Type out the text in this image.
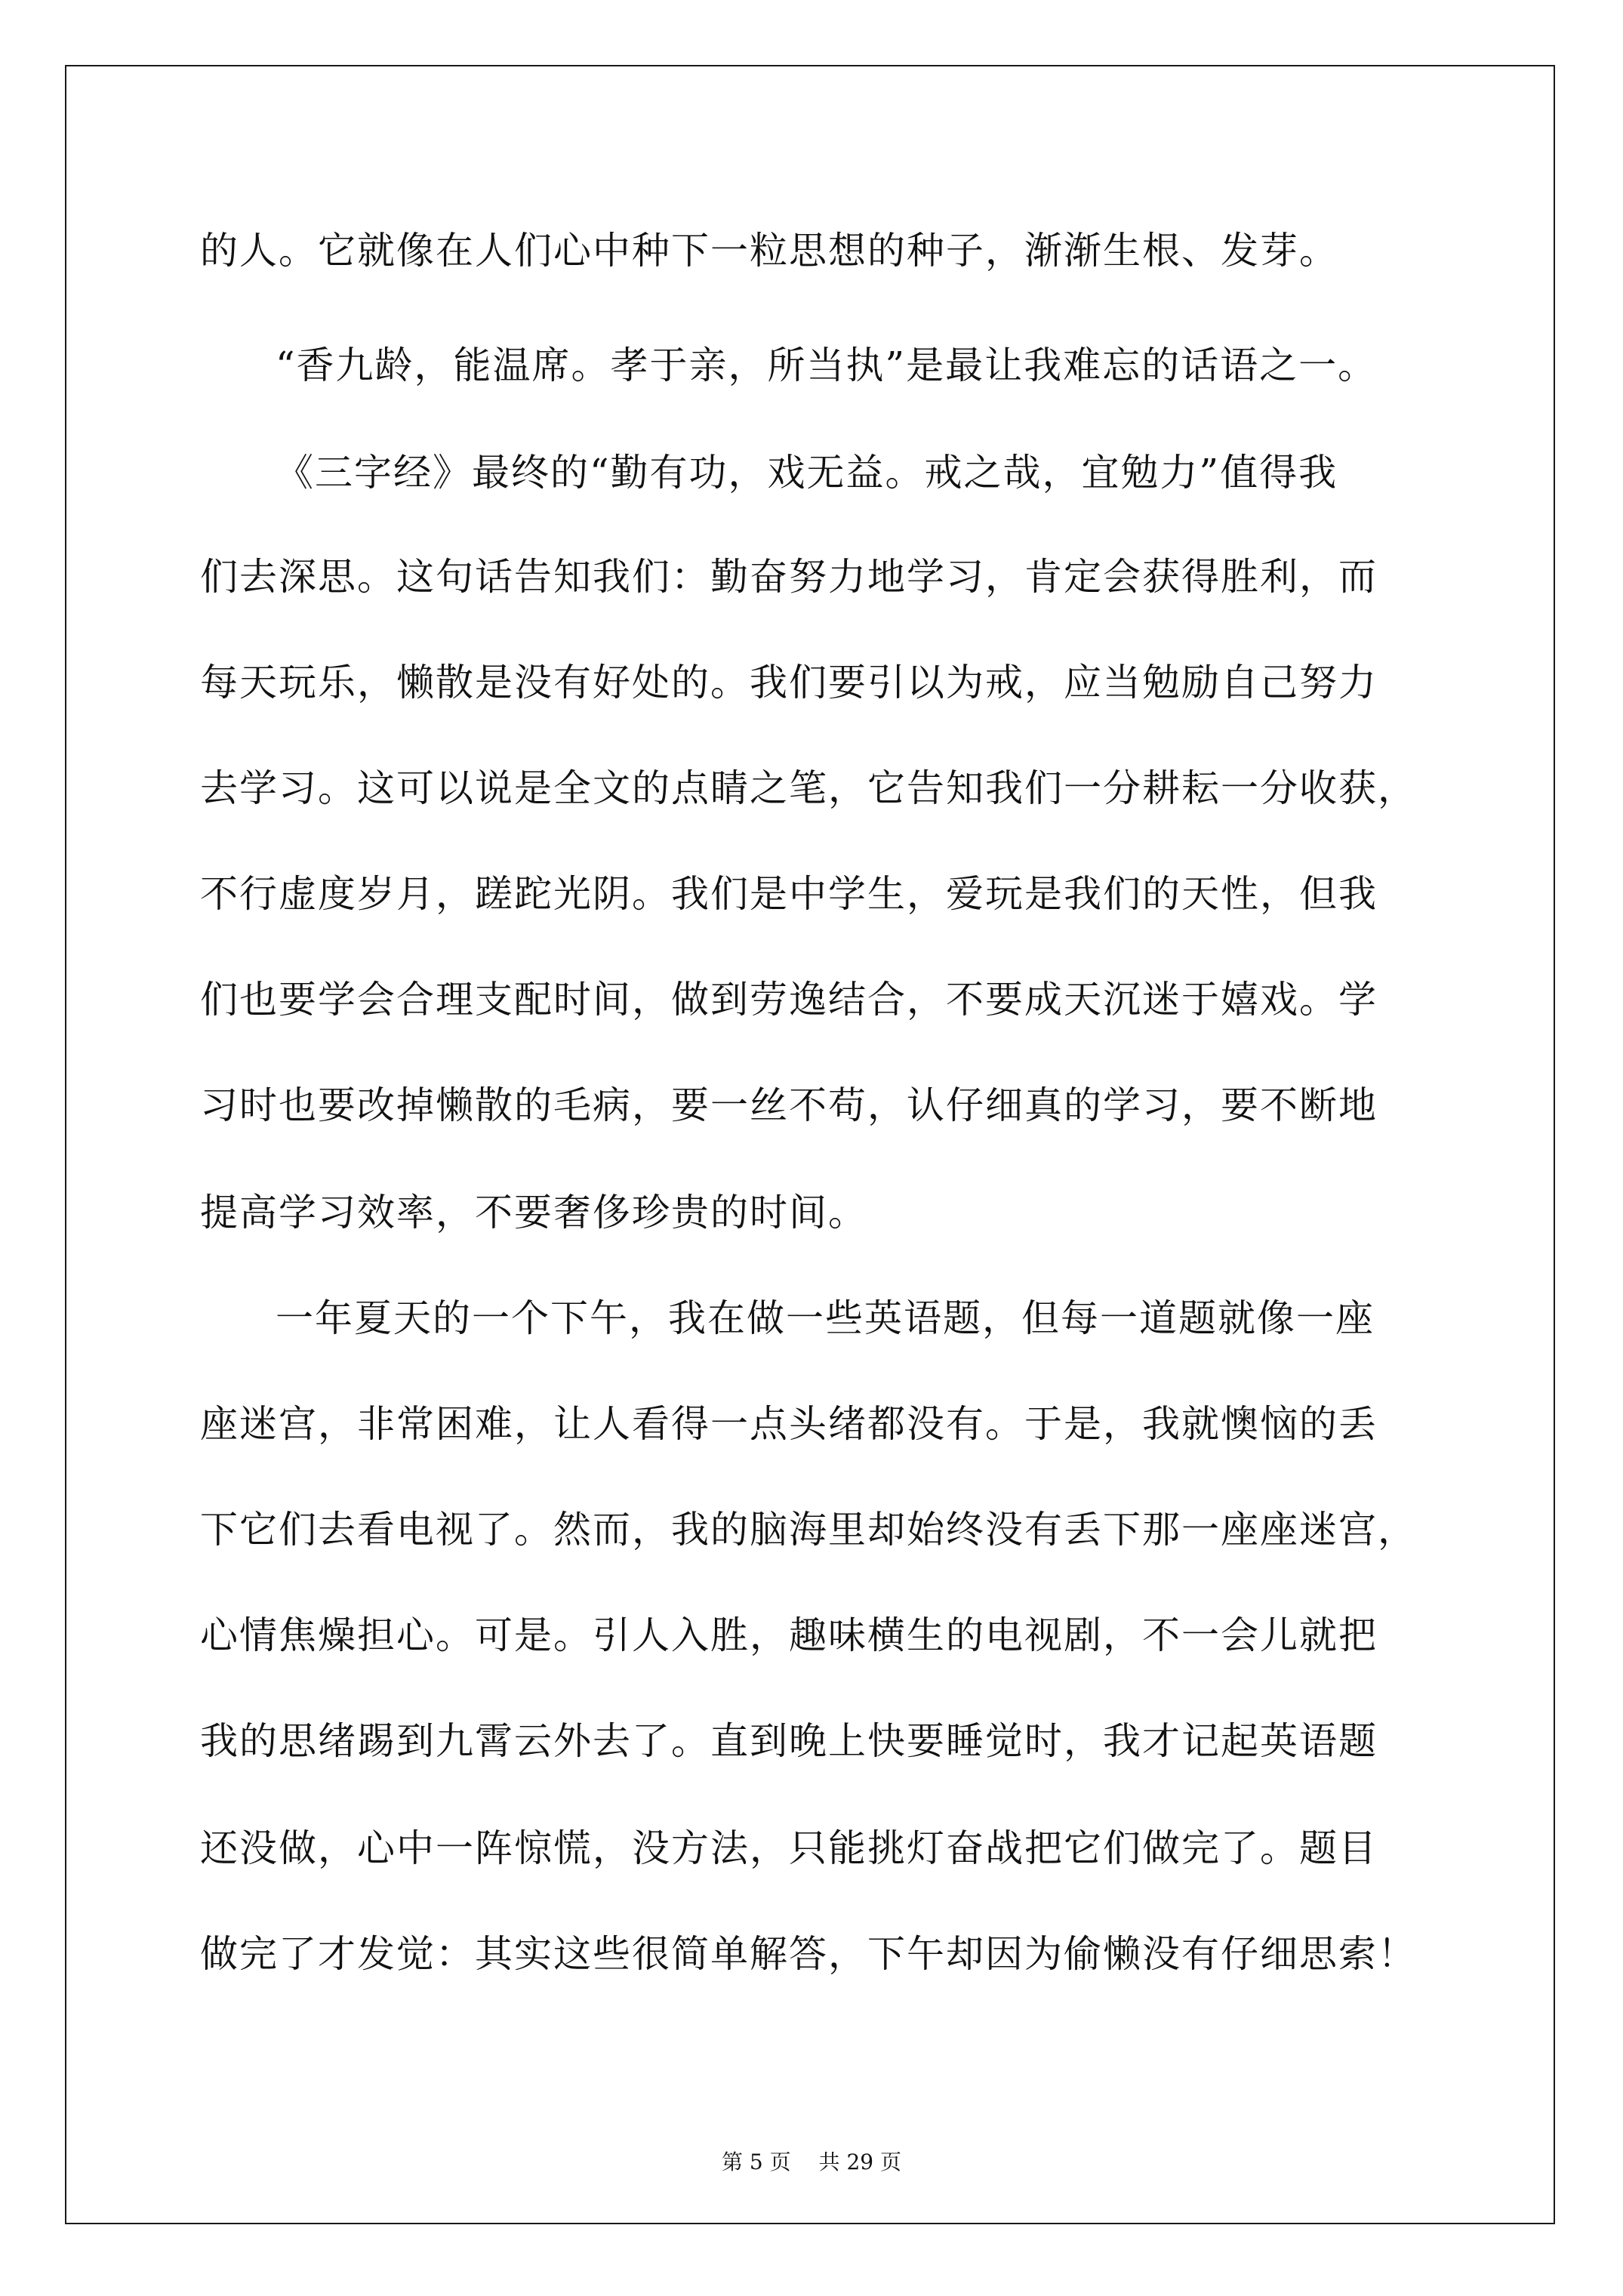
的人。它就像在人们心中种下一粒思想的种子，渐渐生根、发芽。
“香九龄，能温席。孝于亲，所当执”是最让我难忘的话语之一。
《三字经》最终的“勤有功，戏无益。戒之哉，宜勉力”值得我
们去深思。这句话告知我们：勤奋努力地学习，肯定会获得胜利，而
每天玩乐，懒散是没有好处的。我们要引以为戒，应当勉励自己努力
去学习。这可以说是全文的点睛之笔，它告知我们一分耕耘一分收获，
不行虚度岁月，蹉跎光阴。我们是中学生，爱玩是我们的天性，但我
们也要学会合理支配时间，做到劳逸结合，不要成天沉迷于嬉戏。学
习时也要改掉懒散的毛病，要一丝不苟，认仔细真的学习，要不断地
提高学习效率，不要奢侈珍贵的时间。
一年夏天的一个下午，我在做一些英语题，但每一道题就像一座
座迷宫，非常困难，让人看得一点头绪都没有。于是，我就懊恼的丢
下它们去看电视了。然而，我的脑海里却始终没有丢下那一座座迷宫，
心情焦燥担心。可是。引人入胜，趣味横生的电视剧，不一会儿就把
我的思绪踢到九霄云外去了。直到晚上快要睡觉时，我才记起英语题
还没做，心中一阵惊慌，没方法，只能挑灯奋战把它们做完了。题目
做完了才发觉：其实这些很简单解答，下午却因为偷懒没有仔细思索！
第 5 页 共 29 页
